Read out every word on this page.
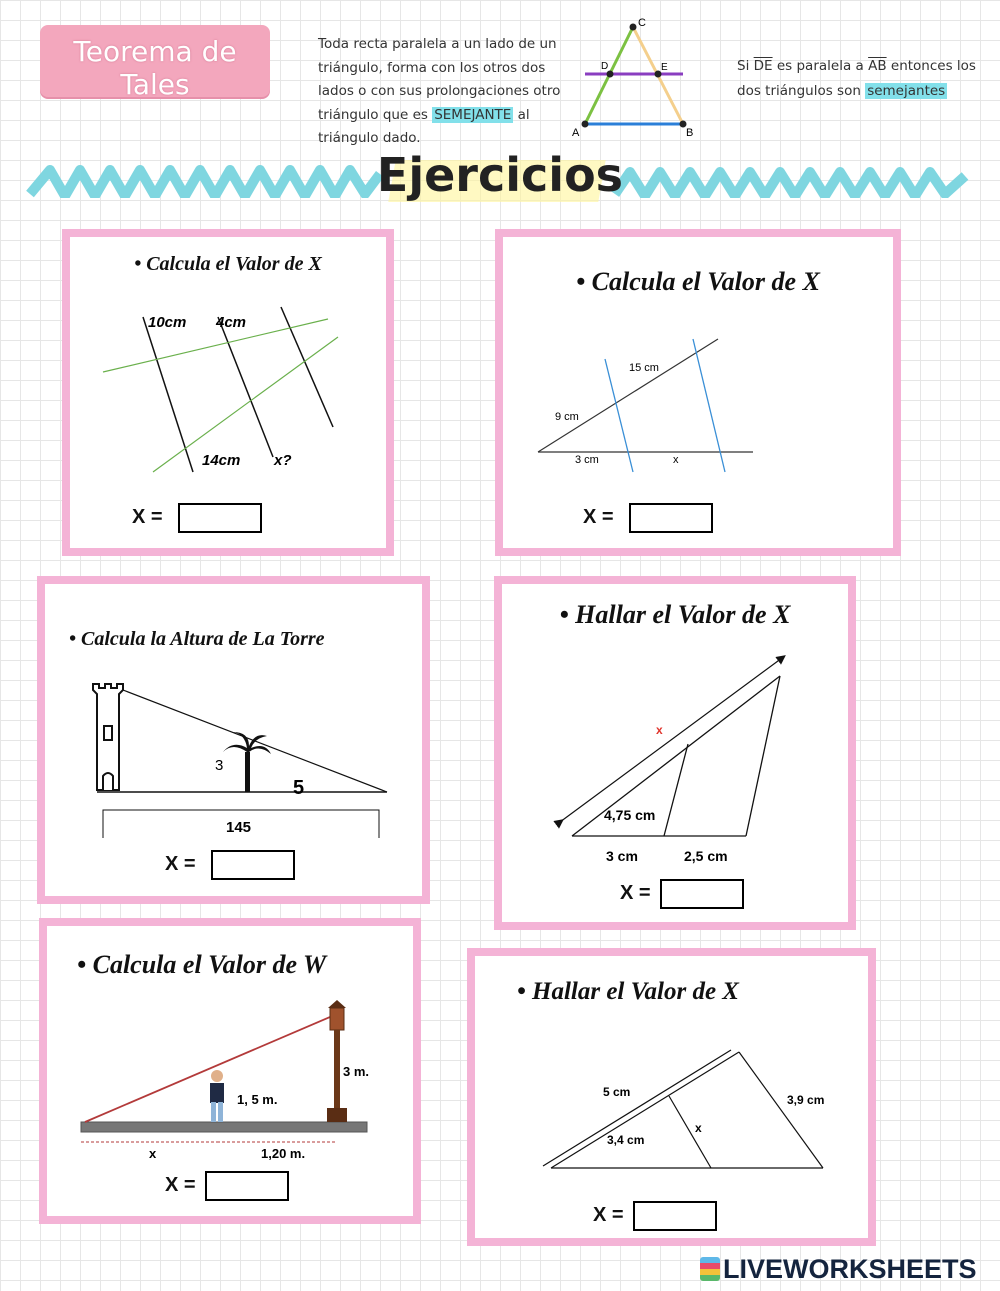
Teorema de Tales
Toda recta paralela a un lado de un triángulo, forma con los otros dos lados o con sus prolongaciones otro triángulo que es SEMEJANTE al triángulo dado.
C
D	E
A	B
Si $\overline{DE}$ es paralela a $\overline{AB}$ entonces los dos triángulos son semejantes
Ejercicios
• Calcula el Valor de X
10cm 4cm
14cm x?
X =
• Calcula el Valor de X
15 cm
9 cm
3 cm	x
X =
• Calcula la Altura de La Torre
3
5
145
X =
• Hallar el Valor de X
x
4,75 cm
3 cm	2,5 cm
X =
• Calcula el Valor de W
1, 5 m.
3 m.
x	1,20 m.
X =
• Hallar el Valor de X
5 cm
3,9 cm
x
3,4 cm
X =
LIVEWORKSHEETS
